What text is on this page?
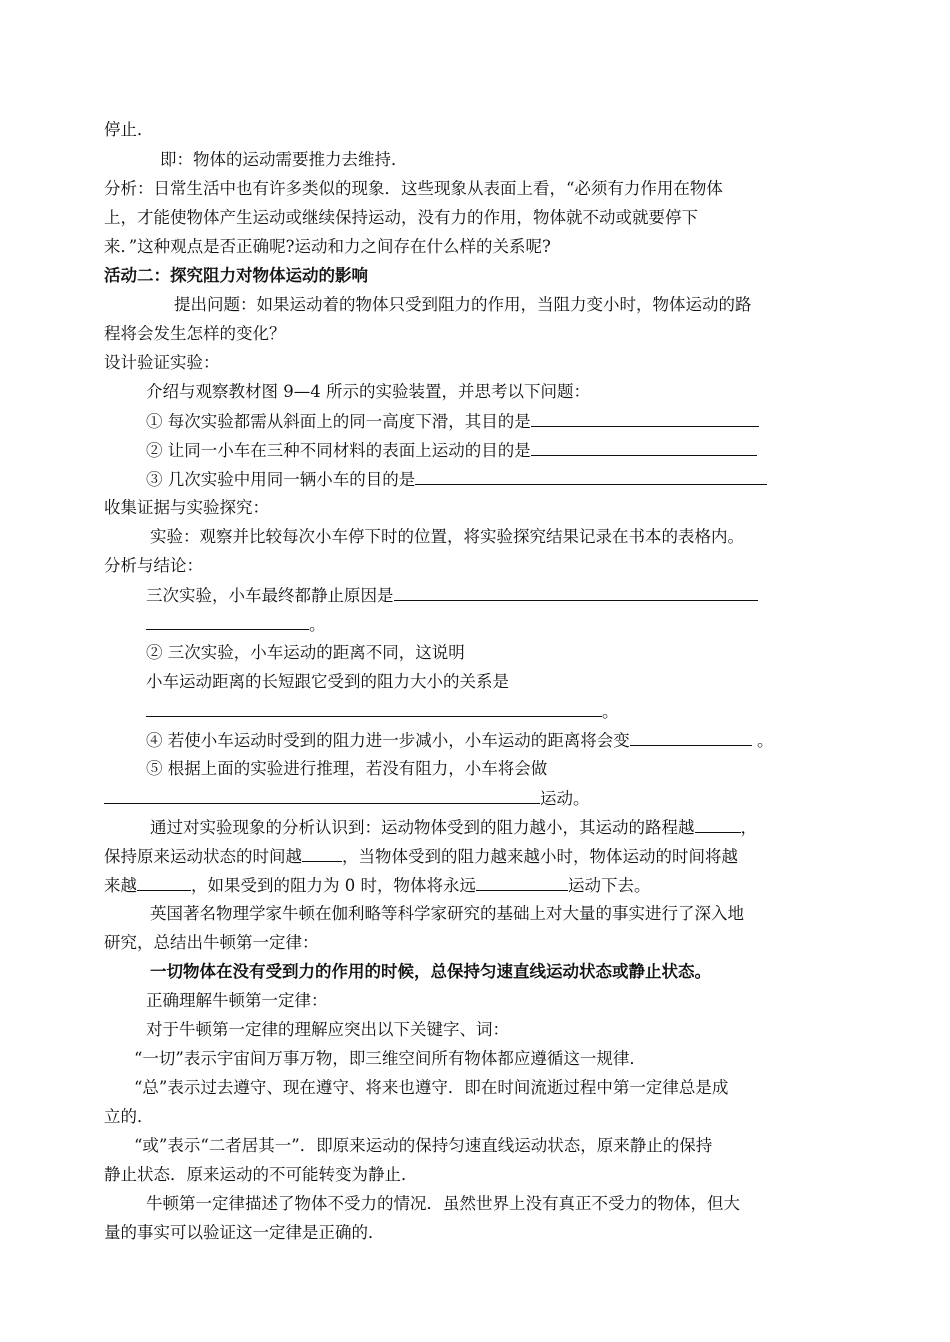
停止．
即：物体的运动需要推力去维持．
分析：日常生活中也有许多类似的现象．这些现象从表面上看，“必须有力作用在物体
上，才能使物体产生运动或继续保持运动，没有力的作用，物体就不动或就要停下
来．”这种观点是否正确呢?运动和力之间存在什么样的关系呢?
活动二：探究阻力对物体运动的影响
提出问题：如果运动着的物体只受到阻力的作用，当阻力变小时，物体运动的路
程将会发生怎样的变化？
设计验证实验：
介绍与观察教材图 9—4 所示的实验装置，并思考以下问题：
① 每次实验都需从斜面上的同一高度下滑，其目的是
② 让同一小车在三种不同材料的表面上运动的目的是
③ 几次实验中用同一辆小车的目的是
收集证据与实验探究：
实验：观察并比较每次小车停下时的位置，将实验探究结果记录在书本的表格内。
分析与结论：
三次实验，小车最终都静止原因是
。
② 三次实验，小车运动的距离不同，这说明
小车运动距离的长短跟它受到的阻力大小的关系是
。
④ 若使小车运动时受到的阻力进一步减小，小车运动的距离将会变	。
⑤ 根据上面的实验进行推理，若没有阻力，小车将会做
运动。
通过对实验现象的分析认识到：运动物体受到的阻力越小，其运动的路程越	，
保持原来运动状态的时间越 ，当物体受到的阻力越来越小时，物体运动的时间将越
来越	，如果受到的阻力为 0 时，物体将永远	运动下去。
英国著名物理学家牛顿在伽利略等科学家研究的基础上对大量的事实进行了深入地
研究，总结出牛顿第一定律：
一切物体在没有受到力的作用的时候，总保持匀速直线运动状态或静止状态。
正确理解牛顿第一定律：
对于牛顿第一定律的理解应突出以下关键字、词：
“一切”表示宇宙间万事万物，即三维空间所有物体都应遵循这一规律．
“总”表示过去遵守、现在遵守、将来也遵守．即在时间流逝过程中第一定律总是成
立的．
“或”表示“二者居其一”．即原来运动的保持匀速直线运动状态，原来静止的保持
静止状态．原来运动的不可能转变为静止．
牛顿第一定律描述了物体不受力的情况．虽然世界上没有真正不受力的物体，但大
量的事实可以验证这一定律是正确的．
